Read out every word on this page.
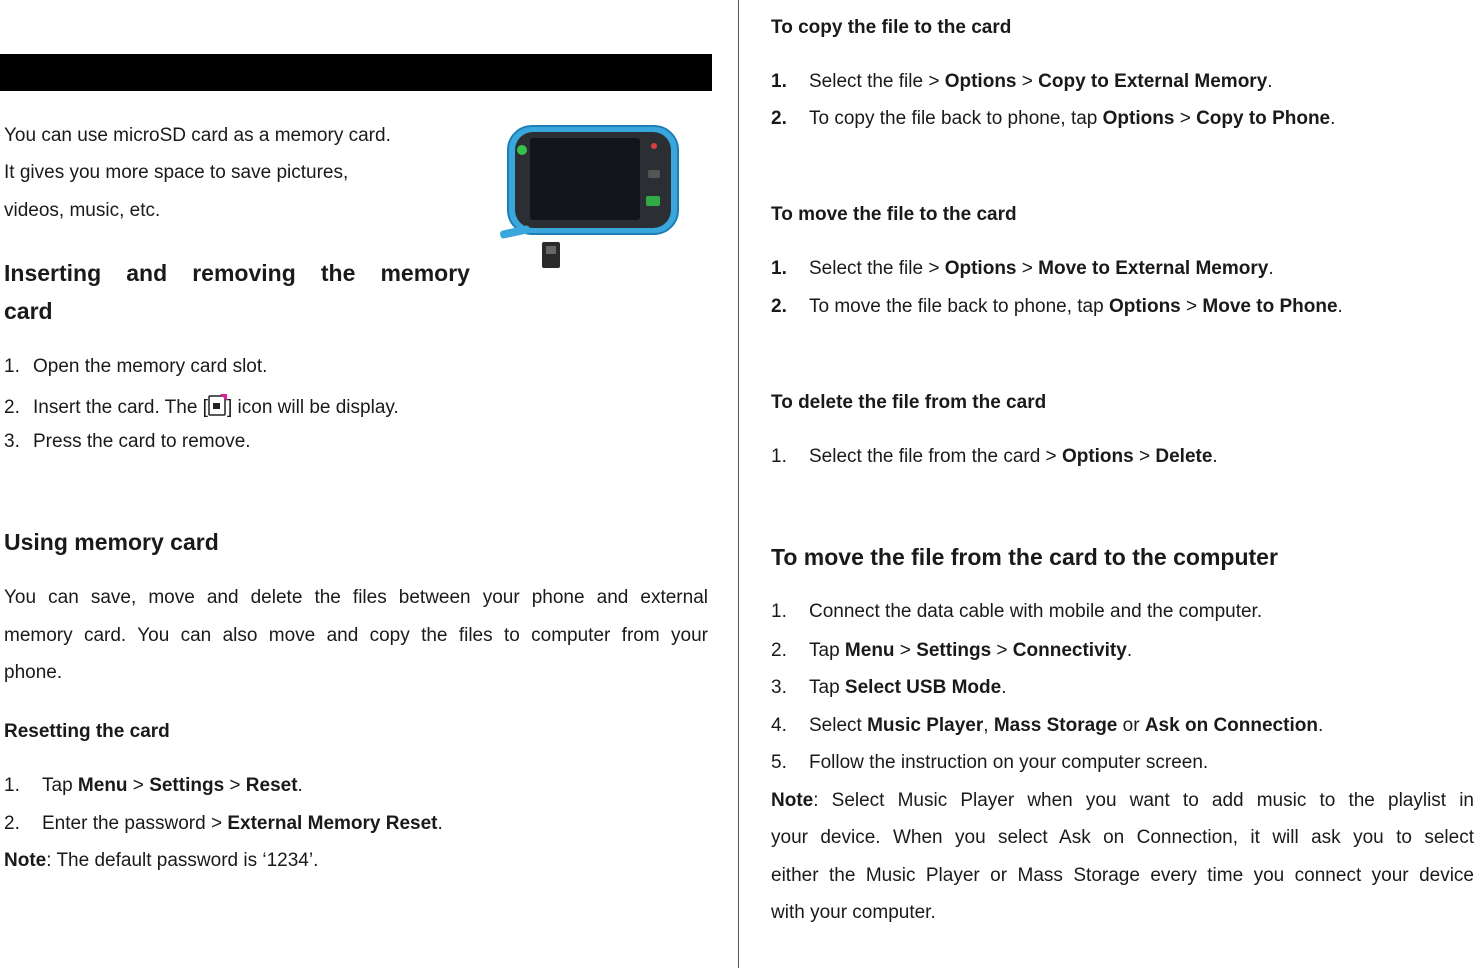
You can use microSD card as a memory card.

It gives you more space to save pictures,

videos, music, etc.

Inserting and removing the memory
card

1. Open the memory card slot.

2. Insert the card. The [ ] icon will be display.

3. Press the card to remove.

Using memory card

You can save, move and delete the files between your phone and external

memory card. You can also move and copy the files to computer from your

phone.

Resetting the card

1. Tap Menu > Settings > Reset.

2. Enter the password > External Memory Reset.

Note: The default password is ‘1234’.

To copy the file to the card

1. Select the file > Options > Copy to External Memory.

2. To copy the file back to phone, tap Options > Copy to Phone.

To move the file to the card

1. Select the file > Options > Move to External Memory.

2. To move the file back to phone, tap Options > Move to Phone.

To delete the file from the card

1. Select the file from the card > Options > Delete.

To move the file from the card to the computer

1. Connect the data cable with mobile and the computer.

2. Tap Menu > Settings > Connectivity.

3. Tap Select USB Mode.

4. Select Music Player, Mass Storage or Ask on Connection.

5. Follow the instruction on your computer screen.

Note: Select Music Player when you want to add music to the playlist in

your device. When you select Ask on Connection, it will ask you to select

either the Music Player or Mass Storage every time you connect your device

with your computer.
